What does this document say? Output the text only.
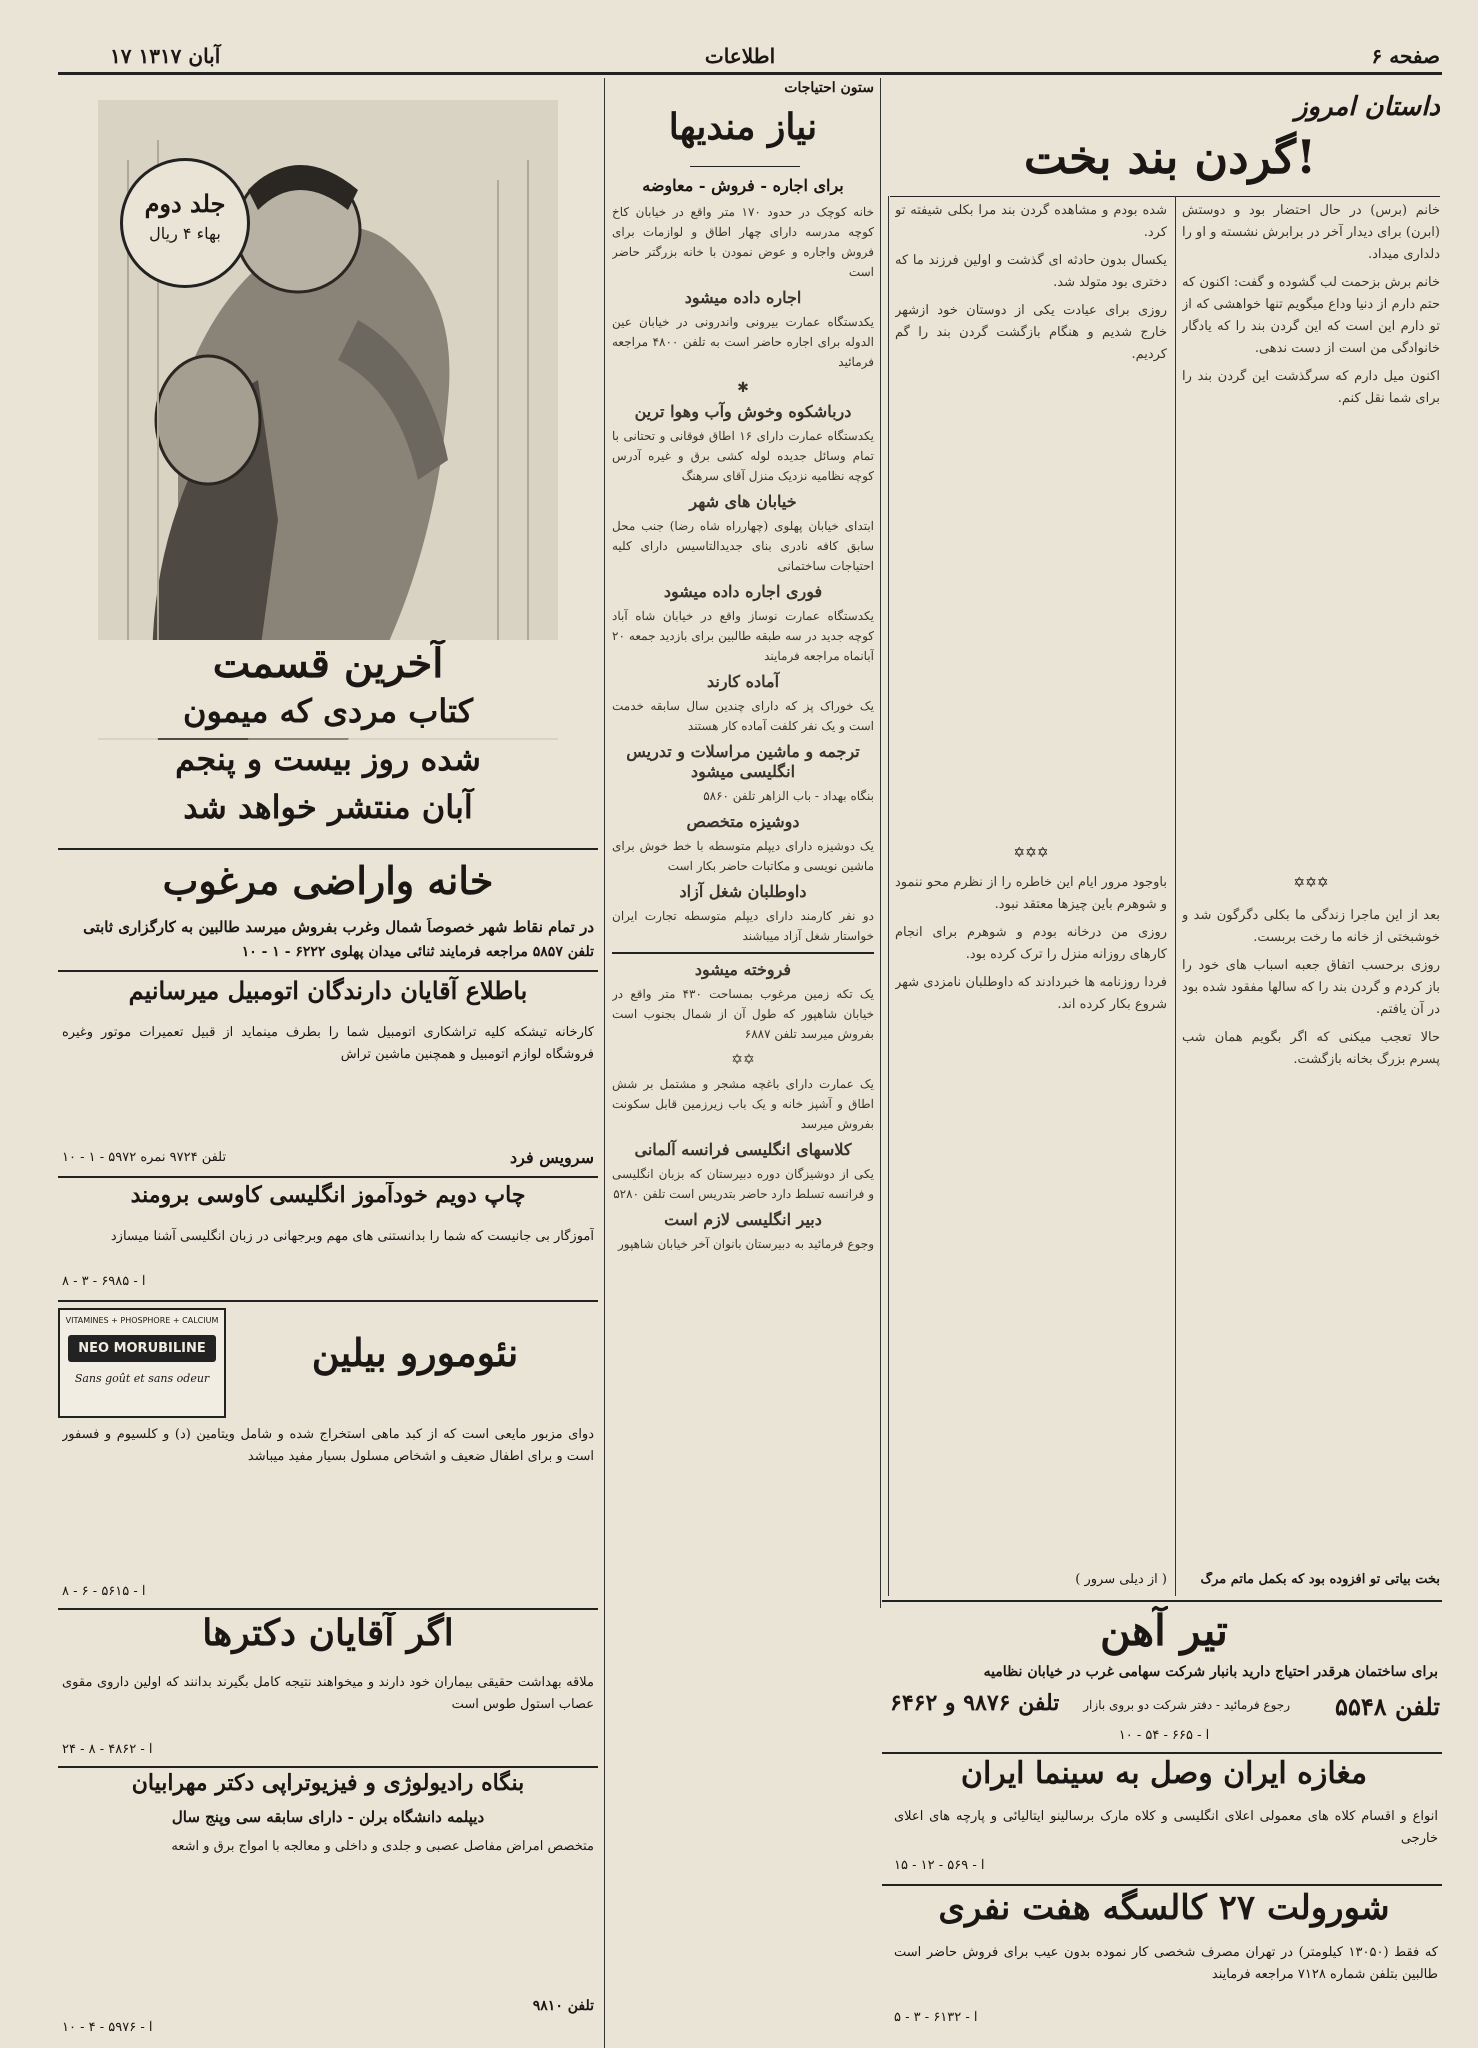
صفحه ۶
اطلاعات
۱۷ آبان ۱۳۱۷
داستان امروز
گردن بند بخت!

خانم (برس) در حال احتضار بود و دوستش (ابرن) برای دیدار آخر در برابرش نشسته و او را دلداری میداد.

خانم برش بزحمت لب گشوده و گفت: اکنون که حتم دارم از دنیا وداع میگویم تنها خواهشی که از تو دارم این است که این گردن بند را که یادگار خانوادگی من است از دست ندهی.

اکنون میل دارم که سرگذشت این گردن بند را برای شما نقل کنم.

✡✡✡

بعد از این ماجرا زندگی ما بکلی دگرگون شد و خوشبختی از خانه ما رخت بربست.

روزی برحسب اتفاق جعبه اسباب های خود را باز کردم و گردن بند را که سالها مفقود شده بود در آن یافتم.

حالا تعجب میکنی که اگر بگویم همان شب پسرم بزرگ بخانه بازگشت.

شده بودم و مشاهده گردن بند مرا بکلی شیفته تو کرد.

یکسال بدون حادثه ای گذشت و اولین فرزند ما که دختری بود متولد شد.

روزی برای عیادت یکی از دوستان خود ازشهر خارج شدیم و هنگام بازگشت گردن بند را گم کردیم.

✡✡✡

باوجود مرور ایام این خاطره را از نظرم محو ننمود و شوهرم باین چیزها معتقد نبود.

روزی من درخانه بودم و شوهرم برای انجام کارهای روزانه منزل را ترک کرده بود.

فردا روزنامه ها خبردادند که داوطلبان نامزدی شهر شروع بکار کرده اند.

بخت بیاتی تو افزوده بود که بکمل ماتم مرگ
( از دیلی سرور )
ستون احتیاجات
نیاز مندیها
برای اجاره - فروش - معاوضه

خانه کوچک در حدود ۱۷۰ متر واقع در خیابان کاخ کوچه مدرسه دارای چهار اطاق و لوازمات برای فروش واجاره و عوض نمودن با خانه بزرگتر حاضر است

اجاره داده میشود

یکدستگاه عمارت بیرونی واندرونی در خیابان عین الدوله برای اجاره حاضر است به تلفن ۴۸۰۰ مراجعه فرمائید

✱
درباشکوه وخوش وآب وهوا ترین

یکدستگاه عمارت دارای ۱۶ اطاق فوقانی و تحتانی با تمام وسائل جدیده لوله کشی برق و غیره آدرس کوچه نظامیه نزدیک منزل آقای سرهنگ

خیابان های شهر

ابتدای خیابان پهلوی (چهارراه شاه رضا) جنب محل سابق کافه نادری بنای جدیدالتاسیس دارای کلیه احتیاجات ساختمانی

فوری اجاره داده میشود

یکدستگاه عمارت نوساز واقع در خیابان شاه آباد کوچه جدید در سه طبقه طالبین برای بازدید جمعه ۲۰ آبانماه مراجعه فرمایند

آماده کارند

یک خوراک پز که دارای چندین سال سابقه خدمت است و یک نفر کلفت آماده کار هستند

ترجمه و ماشین مراسلات و تدریس انگلیسی میشود

بنگاه بهداد - باب الزاهر تلفن ۵۸۶۰

دوشیزه متخصص

یک دوشیزه دارای دیپلم متوسطه با خط خوش برای ماشین نویسی و مکاتبات حاضر بکار است

داوطلبان شغل آزاد

دو نفر کارمند دارای دیپلم متوسطه تجارت ایران خواستار شغل آزاد میباشند

فروخته میشود

یک تکه زمین مرغوب بمساحت ۴۳۰ متر واقع در خیابان شاهپور که طول آن از شمال بجنوب است بفروش میرسد تلفن ۶۸۸۷

✡✡

یک عمارت دارای باغچه مشجر و مشتمل بر شش اطاق و آشپز خانه و یک باب زیرزمین قابل سکونت بفروش میرسد

کلاسهای انگلیسی فرانسه آلمانی

یکی از دوشیزگان دوره دبیرستان که بزبان انگلیسی و فرانسه تسلط دارد حاضر بتدریس است تلفن ۵۲۸۰

دبیر انگلیسی لازم است

وجوع فرمائید به دبیرستان بانوان آخر خیابان شاهپور

جلد دوم
بهاء ۴ ریال
آخرین قسمت
کتاب مردی که میمون
شده روز بیست و پنجم
آبان منتشر خواهد شد
خانه واراضی مرغوب
در تمام نقاط شهر خصوصاً شمال وغرب بفروش میرسد طالبین به کارگزاری ثابتی
تلفن ۵۸۵۷ مراجعه فرمایند ثنائی میدان پهلوی ۶۲۲۲ - ۱ - ۱۰
باطلاع آقایان دارندگان اتومبیل میرسانیم
کارخانه تیشکه کلیه تراشکاری اتومبیل شما را بطرف مینماید از قبیل تعمیرات موتور وغیره فروشگاه لوازم اتومبیل و همچنین ماشین تراش
سرویس فرد
تلفن ۹۷۲۴ نمره ۵۹۷۲ - ۱ - ۱۰
چاپ دویم خودآموز انگلیسی کاوسی برومند
آموزگار بی جانیست که شما را بدانستنی های مهم وبرجهانی در زبان انگلیسی آشنا میسازد
آ - ۶۹۸۵ - ۳ - ۸
VITAMINES + PHOSPHORE + CALCIUM
NEO MORUBILINE
Sans goût et sans odeur
نئومورو بیلین
دوای مزبور مایعی است که از کبد ماهی استخراج شده و شامل ویتامین (د) و کلسیوم و فسفور است و برای اطفال ضعیف و اشخاص مسلول بسیار مفید میباشد
آ - ۵۶۱۵ - ۶ - ۸
اگر آقایان دکترها
ملاقه بهداشت حقیقی بیماران خود دارند و میخواهند نتیجه کامل بگیرند بدانند که اولین داروی مقوی عصاب استول طوس است
آ - ۴۸۶۲ - ۸ - ۲۴
بنگاه رادیولوژی و فیزیوتراپی دکتر مهرابیان
دیپلمه دانشگاه برلن - دارای سابقه سی وپنج سال
متخصص امراض مفاصل عصبی و جلدی و داخلی و معالجه با امواج برق و اشعه
تلفن ۹۸۱۰
آ - ۵۹۷۶ - ۴ - ۱۰
تیر آهن
برای ساختمان هرقدر احتیاج دارید بانبار شرکت سهامی غرب در خیابان نظامیه
تلفن ۵۵۴۸
رجوع فرمائید - دفتر شرکت دو بروی بازار
تلفن ۹۸۷۶ و ۶۴۶۲
آ - ۶۶۵ - ۵۴ - ۱۰
مغازه ایران وصل به سینما ایران
انواع و اقسام کلاه های معمولی اعلای انگلیسی و کلاه مارک برسالینو ایتالیائی و پارچه های اعلای خارجی
آ - ۵۶۹ - ۱۲ - ۱۵
شورولت ۲۷ کالسگه هفت نفری
که فقط (۱۳۰۵۰ کیلومتر) در تهران مصرف شخصی کار نموده بدون عیب برای فروش حاضر است طالبین بتلفن شماره ۷۱۲۸ مراجعه فرمایند
آ - ۶۱۳۲ - ۳ - ۵
